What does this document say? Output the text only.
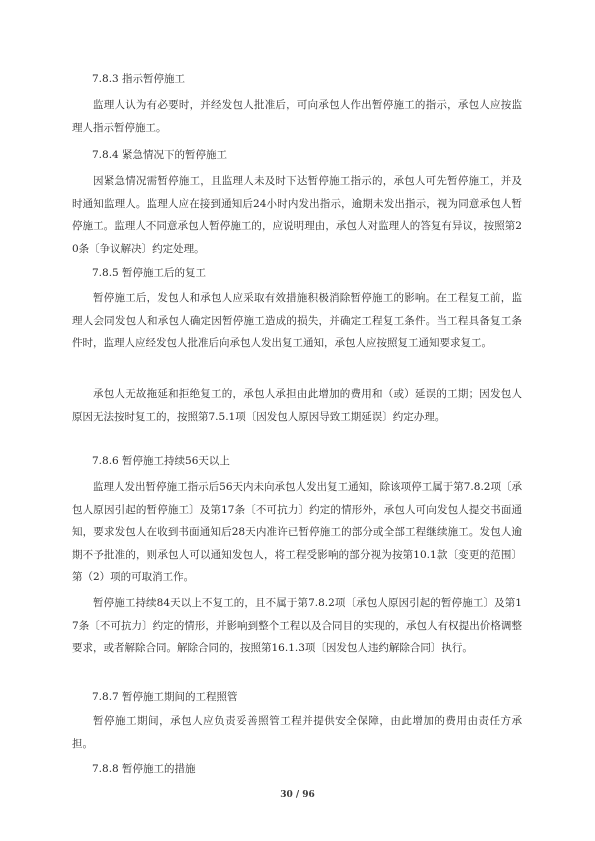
7.8.3 指示暂停施工

监理人认为有必要时，并经发包人批准后，可向承包人作出暂停施工的指示，承包人应按监理人指示暂停施工。

7.8.4 紧急情况下的暂停施工

因紧急情况需暂停施工，且监理人未及时下达暂停施工指示的，承包人可先暂停施工，并及时通知监理人。监理人应在接到通知后24小时内发出指示，逾期未发出指示，视为同意承包人暂停施工。监理人不同意承包人暂停施工的，应说明理由，承包人对监理人的答复有异议，按照第20条〔争议解决〕约定处理。

7.8.5 暂停施工后的复工

暂停施工后，发包人和承包人应采取有效措施积极消除暂停施工的影响。在工程复工前，监理人会同发包人和承包人确定因暂停施工造成的损失，并确定工程复工条件。当工程具备复工条件时，监理人应经发包人批准后向承包人发出复工通知，承包人应按照复工通知要求复工。

承包人无故拖延和拒绝复工的，承包人承担由此增加的费用和（或）延误的工期；因发包人原因无法按时复工的，按照第7.5.1项〔因发包人原因导致工期延误〕约定办理。

7.8.6 暂停施工持续56天以上

监理人发出暂停施工指示后56天内未向承包人发出复工通知，除该项停工属于第7.8.2项〔承包人原因引起的暂停施工〕及第17条〔不可抗力〕约定的情形外，承包人可向发包人提交书面通知，要求发包人在收到书面通知后28天内准许已暂停施工的部分或全部工程继续施工。发包人逾期不予批准的，则承包人可以通知发包人，将工程受影响的部分视为按第10.1款〔变更的范围〕第（2）项的可取消工作。

暂停施工持续84天以上不复工的，且不属于第7.8.2项〔承包人原因引起的暂停施工〕及第17条〔不可抗力〕约定的情形，并影响到整个工程以及合同目的实现的，承包人有权提出价格调整要求，或者解除合同。解除合同的，按照第16.1.3项〔因发包人违约解除合同〕执行。

7.8.7 暂停施工期间的工程照管

暂停施工期间，承包人应负责妥善照管工程并提供安全保障，由此增加的费用由责任方承担。

7.8.8 暂停施工的措施
30 / 96
